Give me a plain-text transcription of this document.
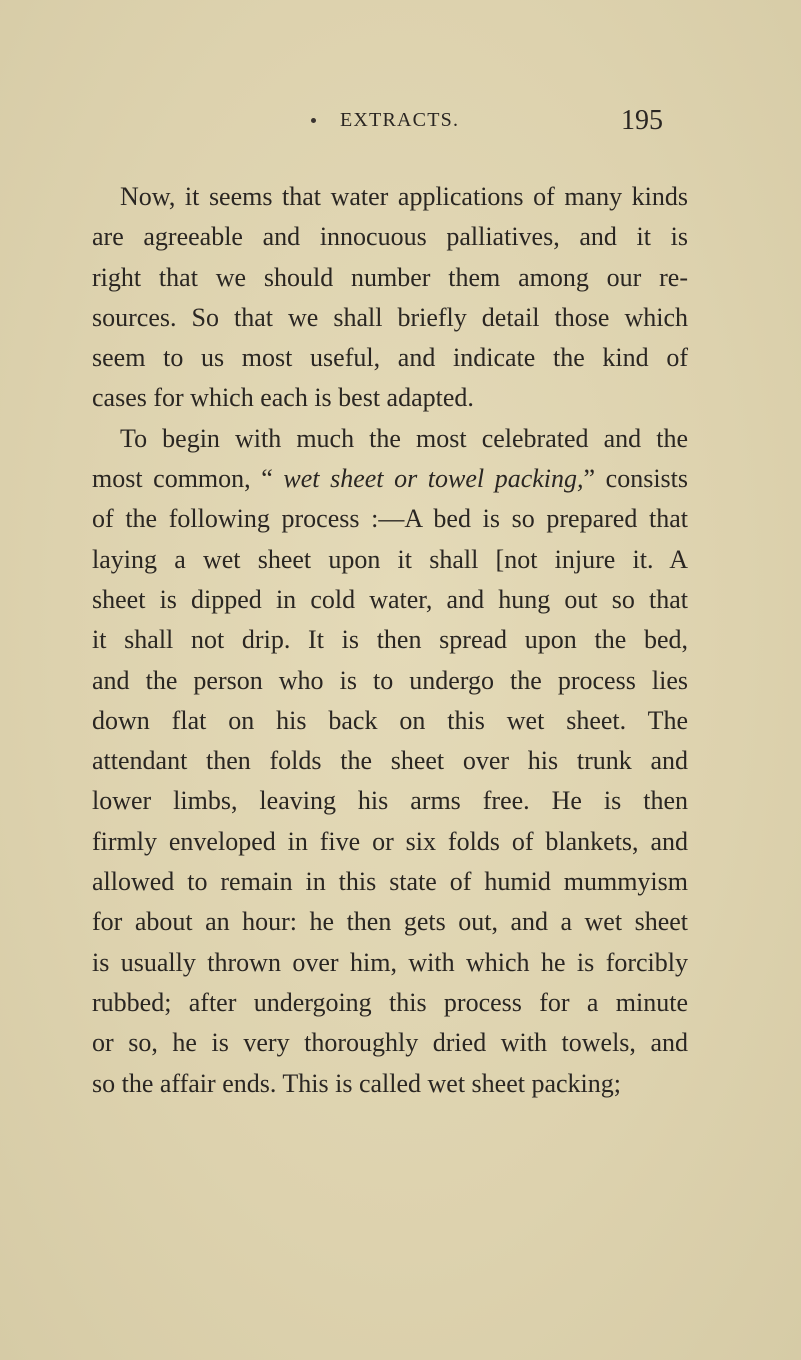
EXTRACTS.	195
Now, it seems that water applications of many kinds
are agreeable and innocuous palliatives, and it is
right that we should number them among our re-
sources. So that we shall briefly detail those which
seem to us most useful, and indicate the kind of
cases for which each is best adapted.
To begin with much the most celebrated and the
most common, “ wet sheet or towel packing,” consists
of the following process :—A bed is so prepared that
laying a wet sheet upon it shall [not injure it. A
sheet is dipped in cold water, and hung out so that
it shall not drip. It is then spread upon the bed,
and the person who is to undergo the process lies
down flat on his back on this wet sheet. The
attendant then folds the sheet over his trunk and
lower limbs, leaving his arms free. He is then
firmly enveloped in five or six folds of blankets, and
allowed to remain in this state of humid mummyism
for about an hour: he then gets out, and a wet sheet
is usually thrown over him, with which he is forcibly
rubbed; after undergoing this process for a minute
or so, he is very thoroughly dried with towels, and
so the affair ends. This is called wet sheet packing;
